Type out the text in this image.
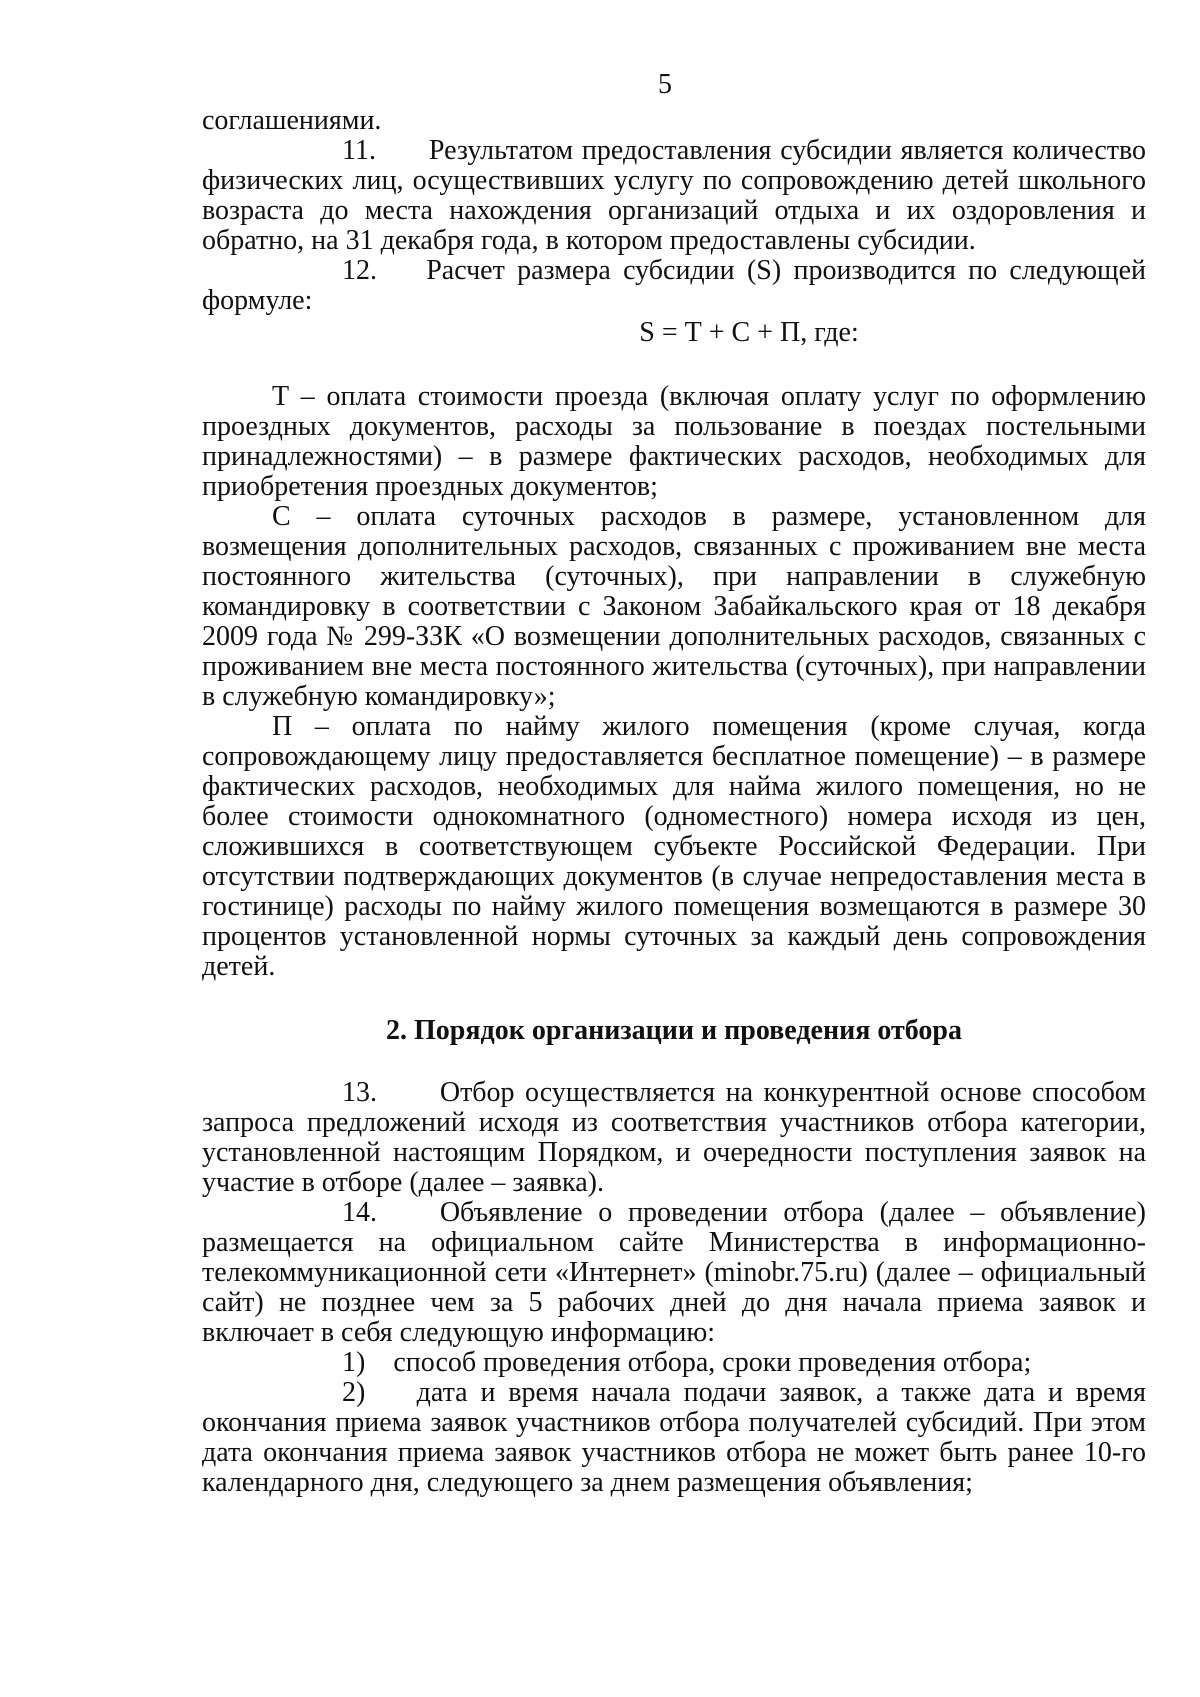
5

соглашениями.

11. Результатом предоставления субсидии является количество физических лиц, осуществивших услугу по сопровождению детей школьного возраста до места нахождения организаций отдыха и их оздоровления и обратно, на 31 декабря года, в котором предоставлены субсидии.

12. Расчет размера субсидии (S) производится по следующей формуле:

S = Т + С + П, где:

Т – оплата стоимости проезда (включая оплату услуг по оформлению проездных документов, расходы за пользование в поездах постельными принадлежностями) – в размере фактических расходов, необходимых для приобретения проездных документов;

С – оплата суточных расходов в размере, установленном для возмещения дополнительных расходов, связанных с проживанием вне места постоянного жительства (суточных), при направлении в служебную командировку в соответствии с Законом Забайкальского края от 18 декабря 2009 года № 299-ЗЗК «О возмещении дополнительных расходов, связанных с проживанием вне места постоянного жительства (суточных), при направлении в служебную командировку»;

П – оплата по найму жилого помещения (кроме случая, когда сопровождающему лицу предоставляется бесплатное помещение) – в размере фактических расходов, необходимых для найма жилого помещения, но не более стоимости однокомнатного (одноместного) номера исходя из цен, сложившихся в соответствующем субъекте Российской Федерации. При отсутствии подтверждающих документов (в случае непредоставления места в гостинице) расходы по найму жилого помещения возмещаются в размере 30 процентов установленной нормы суточных за каждый день сопровождения детей.

2. Порядок организации и проведения отбора

13. Отбор осуществляется на конкурентной основе способом запроса предложений исходя из соответствия участников отбора категории, установленной настоящим Порядком, и очередности поступления заявок на участие в отборе (далее – заявка).

14. Объявление о проведении отбора (далее – объявление) размещается на официальном сайте Министерства в информационно-телекоммуникационной сети «Интернет» (minobr.75.ru) (далее – официальный сайт) не позднее чем за 5 рабочих дней до дня начала приема заявок и включает в себя следующую информацию:

1) способ проведения отбора, сроки проведения отбора;

2) дата и время начала подачи заявок, а также дата и время окончания приема заявок участников отбора получателей субсидий. При этом дата окончания приема заявок участников отбора не может быть ранее 10-го календарного дня, следующего за днем размещения объявления;
